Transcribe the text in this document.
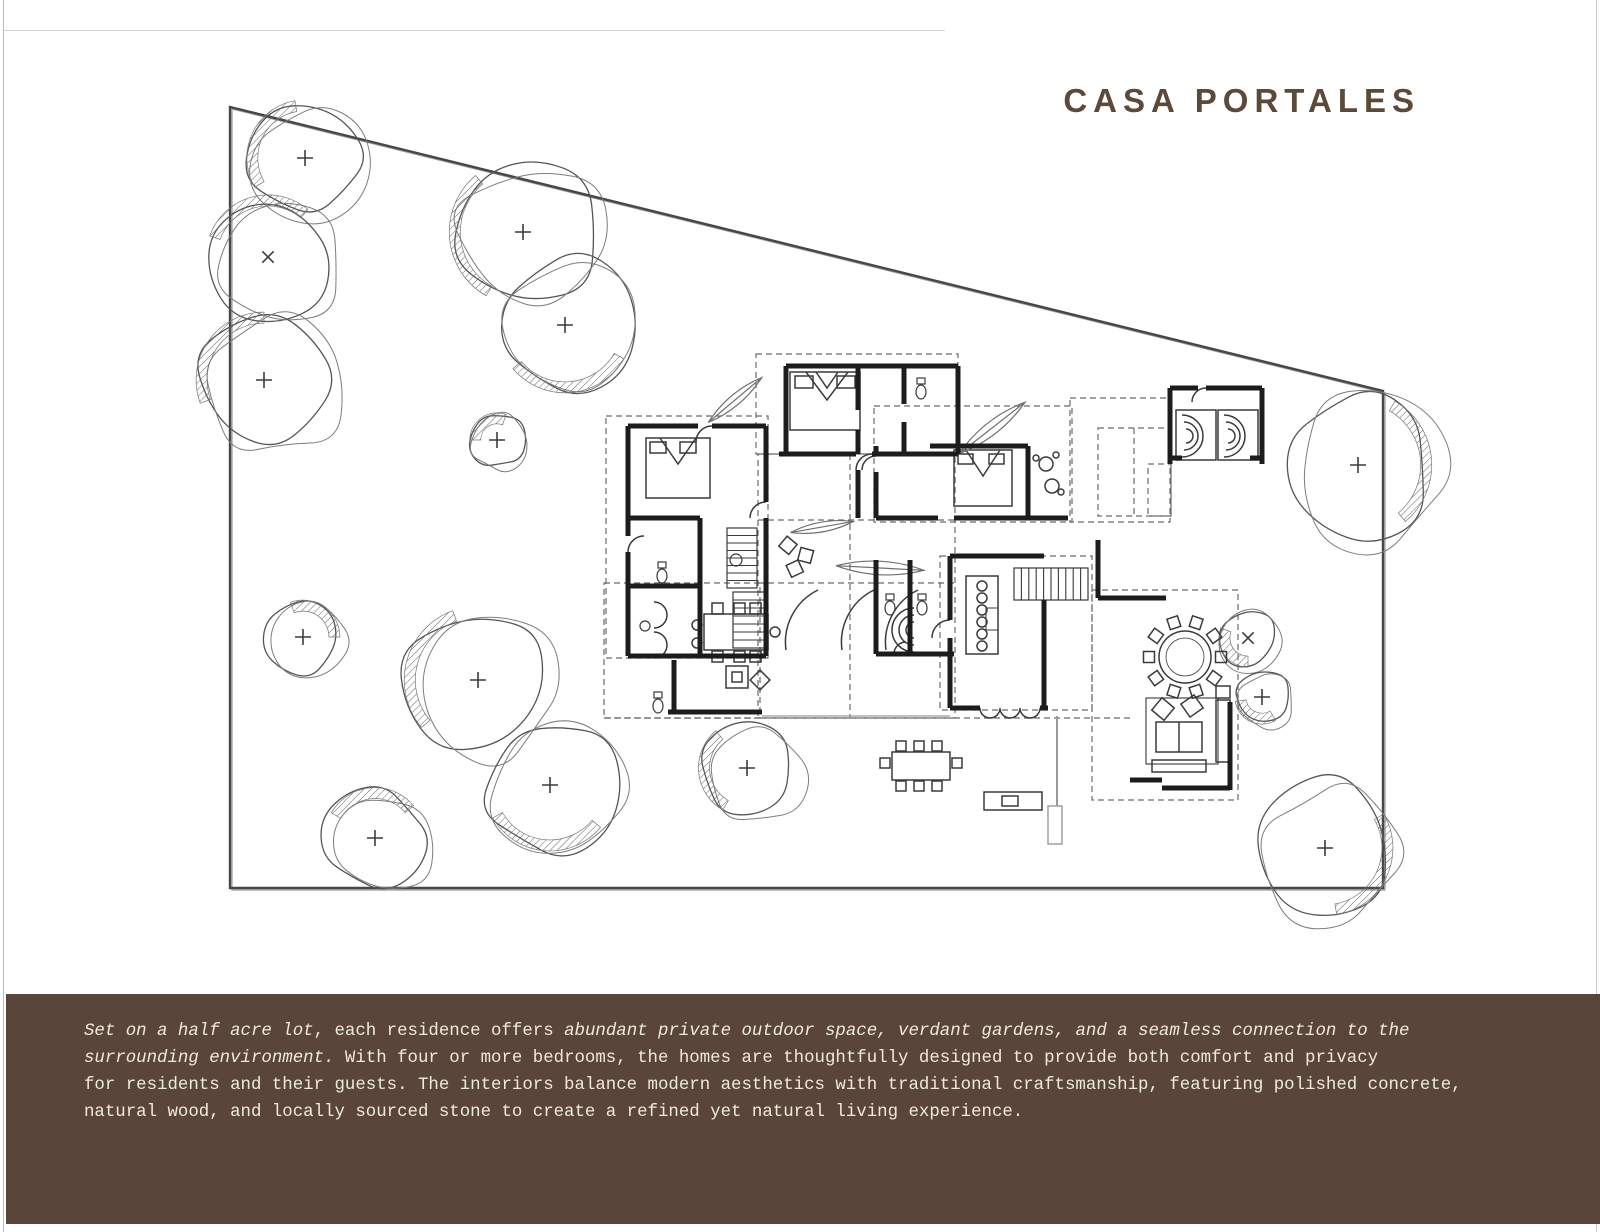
CASA PORTALES
Set on a half acre lot, each residence offers abundant private outdoor space, verdant gardens, and a seamless connection to the
surrounding environment. With four or more bedrooms, the homes are thoughtfully designed to provide both comfort and privacy
for residents and their guests. The interiors balance modern aesthetics with traditional craftsmanship, featuring polished concrete,
natural wood, and locally sourced stone to create a refined yet natural living experience.
